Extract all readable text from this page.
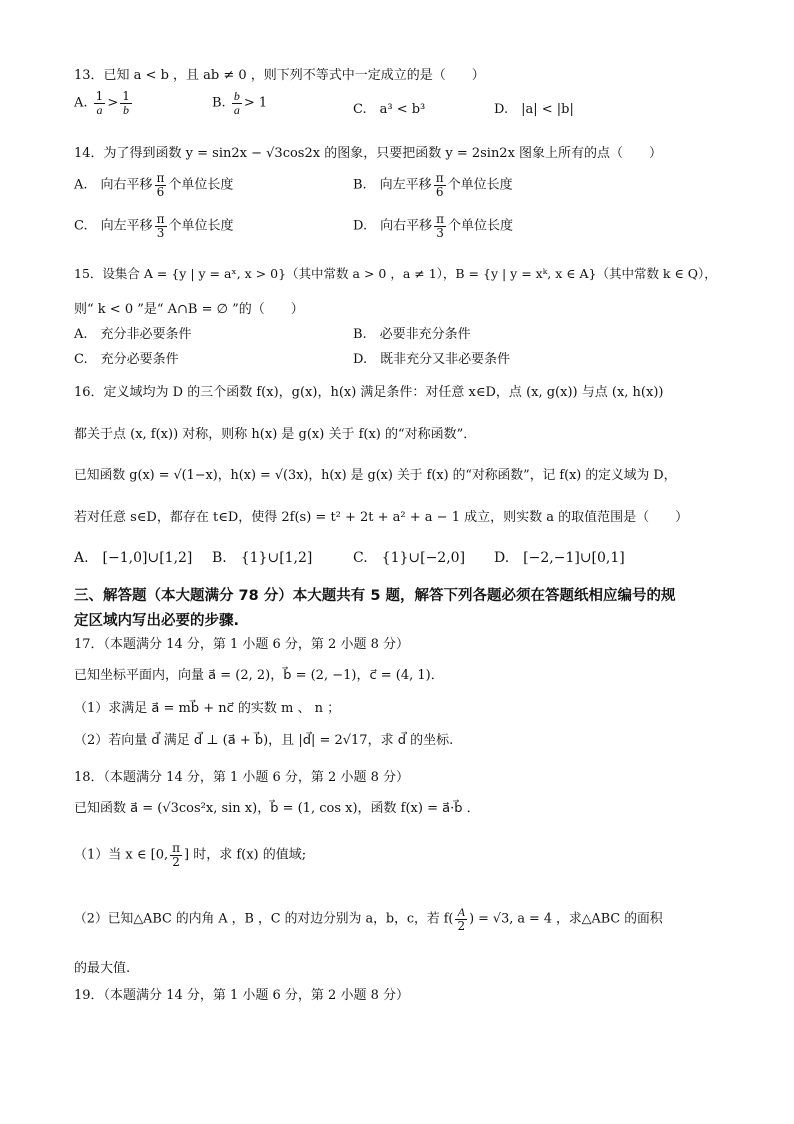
13．已知 a < b ，且 ab ≠ 0 ，则下列不等式中一定成立的是（　　）
A. $\frac{1}{a} > \frac{1}{b}$	B. $\frac{b}{a} > 1$	C.　a³ < b³	D.　|a| < |b|
14．为了得到函数 y = sin2x − √3cos2x 的图象，只要把函数 y = 2sin2x 图象上所有的点（　　）
A.　向右平移 $\frac{\pi}{6}$ 个单位长度	B.　向左平移 $\frac{\pi}{6}$ 个单位长度
C.　向左平移 $\frac{\pi}{3}$ 个单位长度	D.　向右平移 $\frac{\pi}{3}$ 个单位长度
15．设集合 A = {y | y = aˣ, x > 0}（其中常数 a > 0 ，a ≠ 1），B = {y | y = xᵏ, x ∈ A}（其中常数 k ∈ Q），
则“ k < 0 ”是“ A∩B = ∅ ”的（　　）
A.　充分非必要条件	B.　必要非充分条件
C.　充分必要条件	D.　既非充分又非必要条件
16．定义域均为 D 的三个函数 f(x)，g(x)，h(x) 满足条件：对任意 x∈D，点 (x, g(x)) 与点 (x, h(x))
都关于点 (x, f(x)) 对称，则称 h(x) 是 g(x) 关于 f(x) 的“对称函数”．
已知函数 g(x) = √(1−x)，h(x) = √(3x)，h(x) 是 g(x) 关于 f(x) 的“对称函数”，记 f(x) 的定义域为 D，
若对任意 s∈D，都存在 t∈D，使得 2f(s) = t² + 2t + a² + a − 1 成立，则实数 a 的取值范围是（　　）
A.　[−1,0]∪[1,2] B.　{1}∪[1,2]	C.　{1}∪[−2,0] D.　[−2,−1]∪[0,1]
三、解答题（本大题满分 78 分）本大题共有 5 题，解答下列各题必须在答题纸相应编号的规
定区域内写出必要的步骤.
17．（本题满分 14 分，第 1 小题 6 分，第 2 小题 8 分）
已知坐标平面内，向量 a⃗ = (2, 2)，b⃗ = (2, −1)，c⃗ = (4, 1)．
（1）求满足 a⃗ = mb⃗ + nc⃗ 的实数 m 、 n ；
（2）若向量 d⃗ 满足 d⃗ ⊥ (a⃗ + b⃗)，且 |d⃗| = 2√17，求 d⃗ 的坐标.
18．（本题满分 14 分，第 1 小题 6 分，第 2 小题 8 分）
已知函数 a⃗ = (√3cos²x, sin x)，b⃗ = (1, cos x)，函数 f(x) = a⃗·b⃗ ．
（1）当 x ∈ [0, $\frac{\pi}{2}$ ] 时，求 f(x) 的值域;
（2）已知△ABC 的内角 A ，B ，C 的对边分别为 a，b，c，若 $f( \frac{A}{2}$ ) = √3, a = 4 ，求△ABC 的面积
的最大值.
19．（本题满分 14 分，第 1 小题 6 分，第 2 小题 8 分）
